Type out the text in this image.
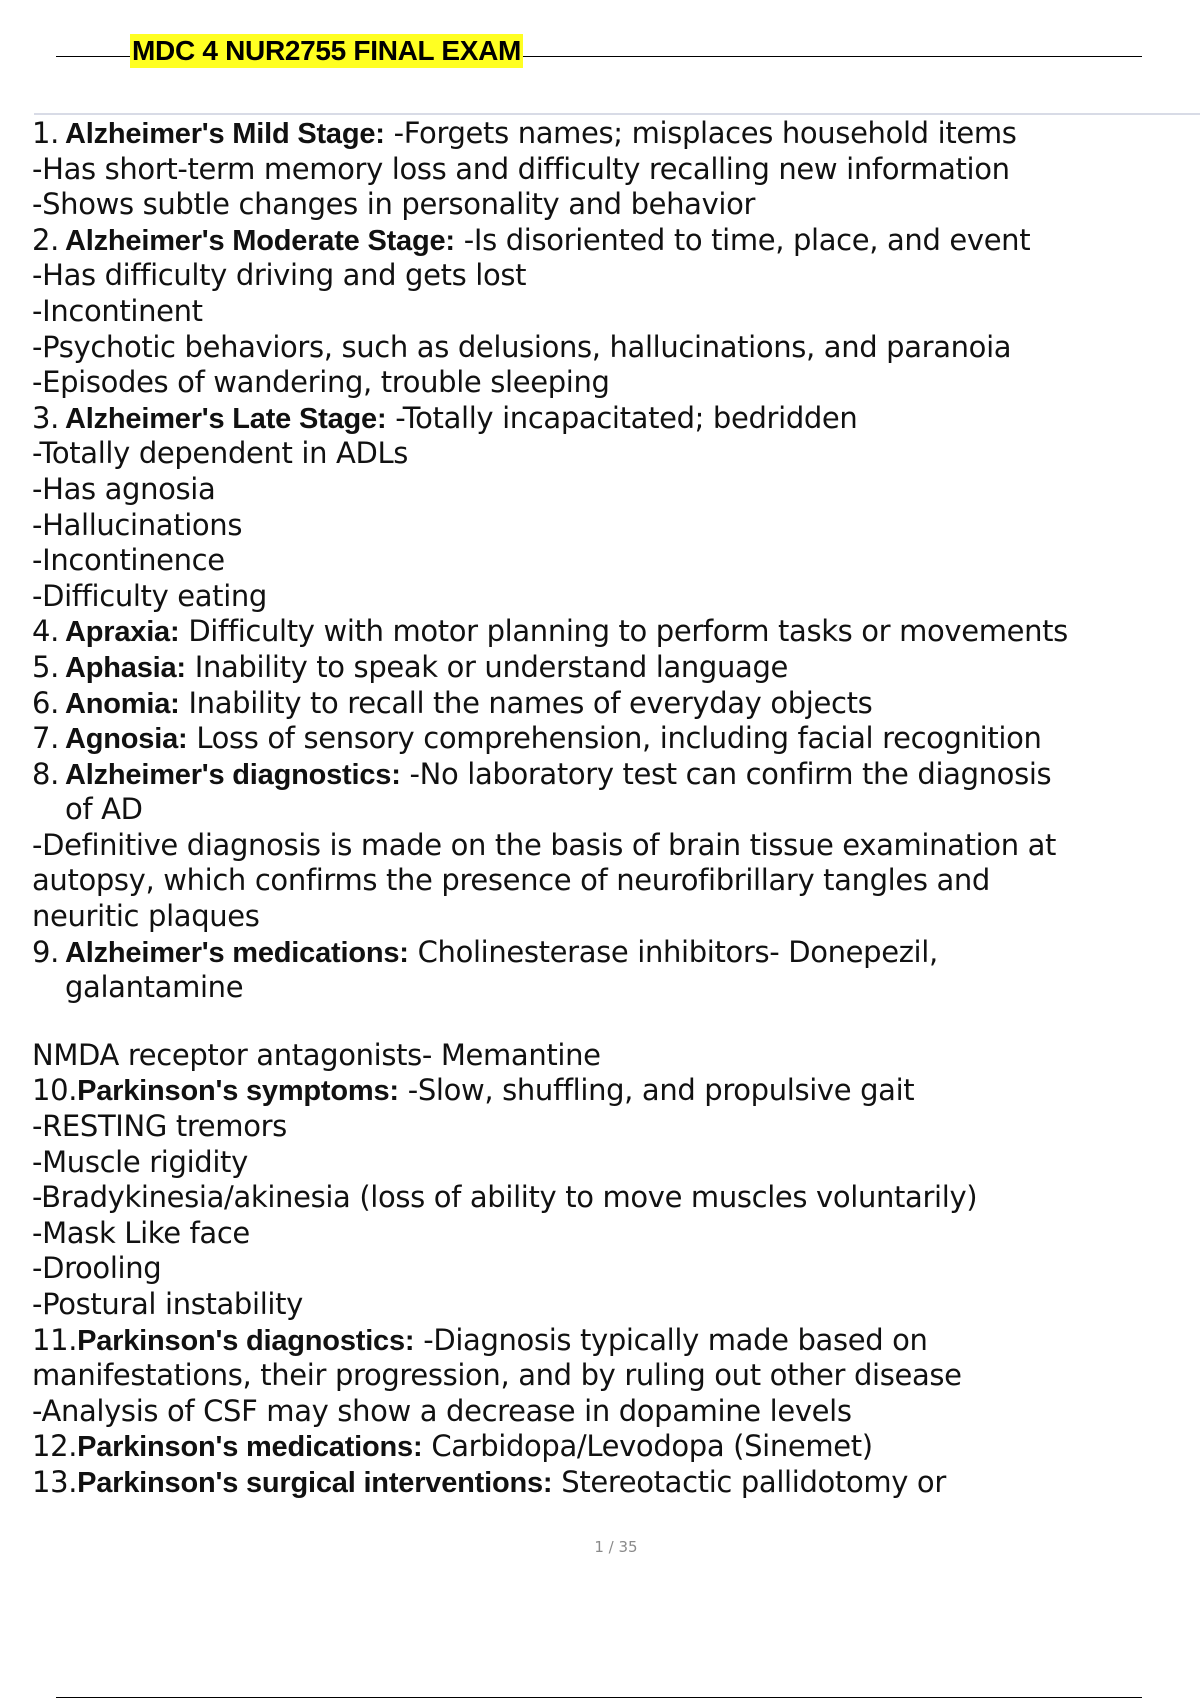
MDC 4 NUR2755 FINAL EXAM
1. Alzheimer's Mild Stage: -Forgets names; misplaces household items
-Has short-term memory loss and difficulty recalling new information
-Shows subtle changes in personality and behavior
2. Alzheimer's Moderate Stage: -Is disoriented to time, place, and event
-Has difficulty driving and gets lost
-Incontinent
-Psychotic behaviors, such as delusions, hallucinations, and paranoia
-Episodes of wandering, trouble sleeping
3. Alzheimer's Late Stage: -Totally incapacitated; bedridden
-Totally dependent in ADLs
-Has agnosia
-Hallucinations
-Incontinence
-Difficulty eating
4. Apraxia: Difficulty with motor planning to perform tasks or movements
5. Aphasia: Inability to speak or understand language
6. Anomia: Inability to recall the names of everyday objects
7. Agnosia: Loss of sensory comprehension, including facial recognition
8. Alzheimer's diagnostics: -No laboratory test can confirm the diagnosis
of AD
-Definitive diagnosis is made on the basis of brain tissue examination at
autopsy, which confirms the presence of neurofibrillary tangles and
neuritic plaques
9. Alzheimer's medications: Cholinesterase inhibitors- Donepezil,
galantamine
NMDA receptor antagonists- Memantine
10.Parkinson's symptoms: -Slow, shuffling, and propulsive gait
-RESTING tremors
-Muscle rigidity
-Bradykinesia/akinesia (loss of ability to move muscles voluntarily)
-Mask Like face
-Drooling
-Postural instability
11.Parkinson's diagnostics: -Diagnosis typically made based on
manifestations, their progression, and by ruling out other disease
-Analysis of CSF may show a decrease in dopamine levels
12.Parkinson's medications: Carbidopa/Levodopa (Sinemet)
13.Parkinson's surgical interventions: Stereotactic pallidotomy or
1 / 35
